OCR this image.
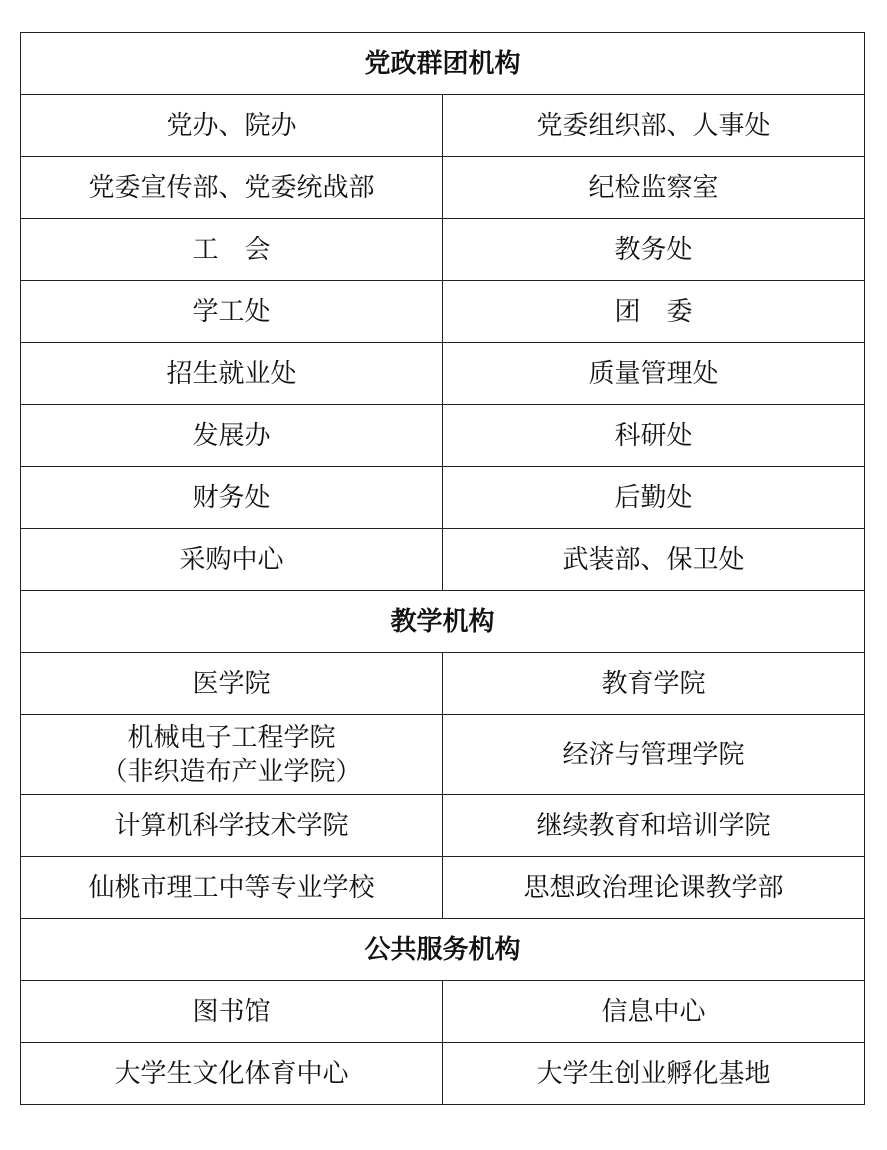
党政群团机构	
党办、院办	党委组织部、人事处
党委宣传部、党委统战部	纪检监察室
工　会	教务处
学工处	团　委
招生就业处	质量管理处
发展办	科研处
财务处	后勤处
采购中心	武装部、保卫处
教学机构	
医学院	教育学院

机械电子工程学院
（非织造布产业学院）	经济与管理学院
计算机科学技术学院	继续教育和培训学院
仙桃市理工中等专业学校	思想政治理论课教学部
公共服务机构	
图书馆	信息中心
大学生文化体育中心	大学生创业孵化基地
